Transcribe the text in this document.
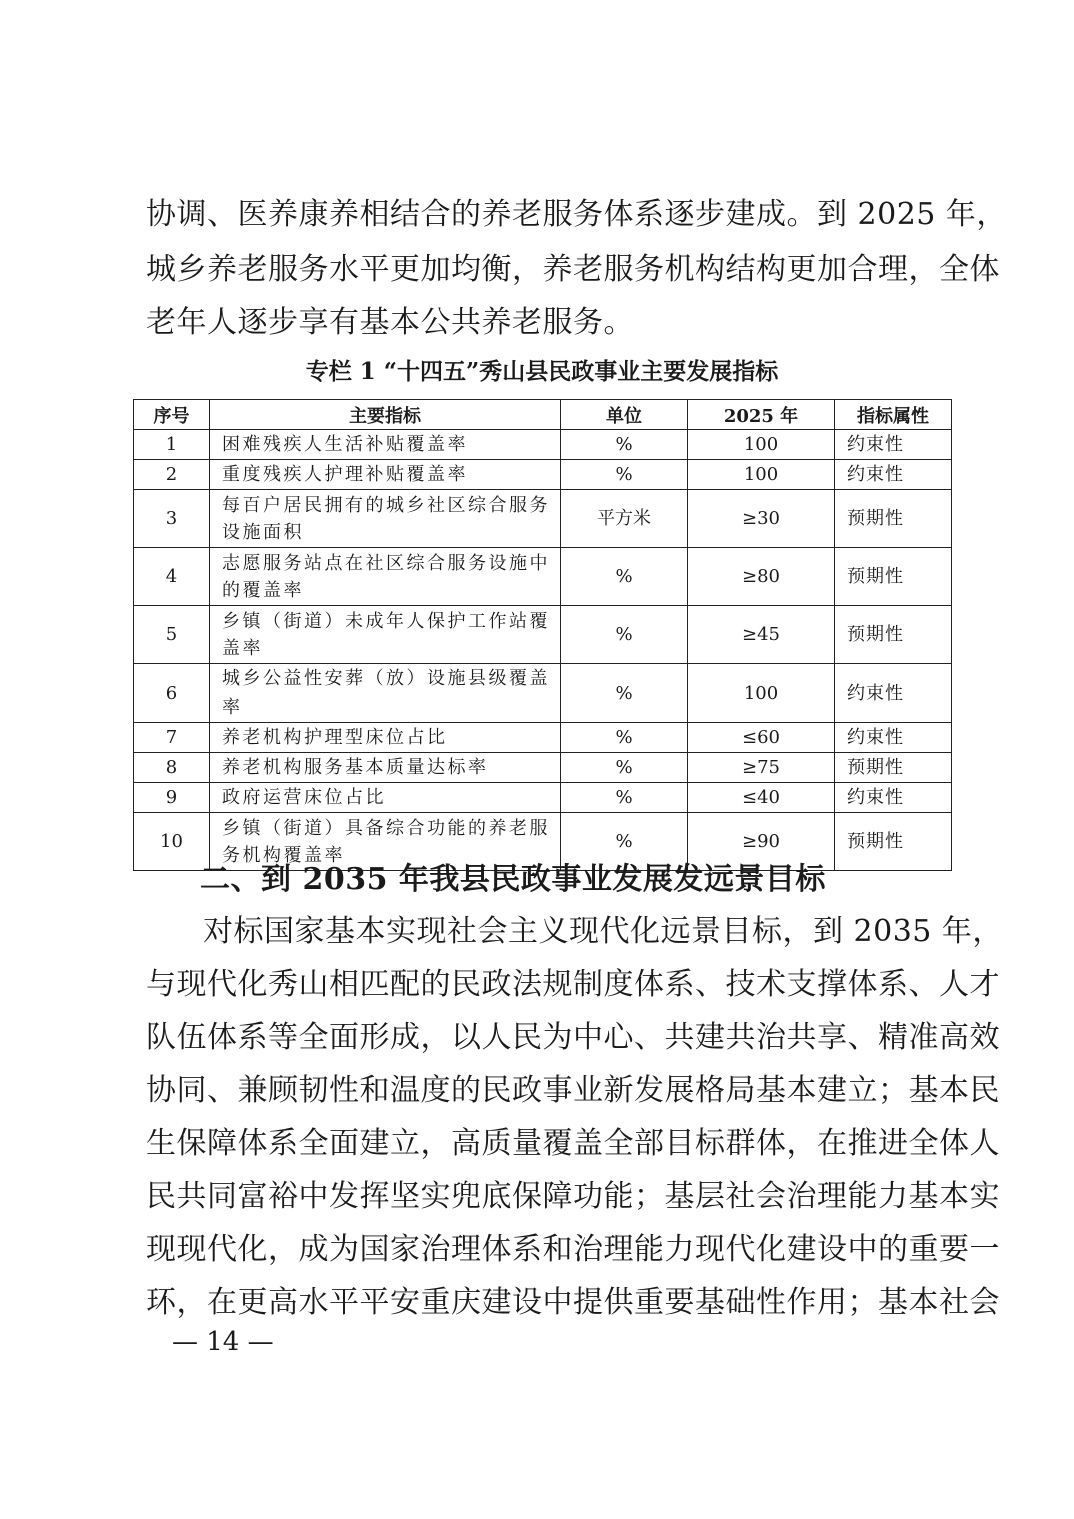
协调、医养康养相结合的养老服务体系逐步建成。到 2025 年，
城乡养老服务水平更加均衡，养老服务机构结构更加合理，全体
老年人逐步享有基本公共养老服务。
专栏 1 “十四五”秀山县民政事业主要发展指标
序号	主要指标	单位	2025 年	指标属性
1	困难残疾人生活补贴覆盖率	%	100	约束性
2	重度残疾人护理补贴覆盖率	%	100	约束性
3	每百户居民拥有的城乡社区综合服务设施面积	平方米	≥30	预期性
4	志愿服务站点在社区综合服务设施中的覆盖率	%	≥80	预期性
5	乡镇（街道）未成年人保护工作站覆盖率	%	≥45	预期性
6	城乡公益性安葬（放）设施县级覆盖率	%	100	约束性
7	养老机构护理型床位占比	%	≤60	约束性
8	养老机构服务基本质量达标率	%	≥75	预期性
9	政府运营床位占比	%	≤40	约束性
10	乡镇（街道）具备综合功能的养老服务机构覆盖率	%	≥90	预期性
二、到 2035 年我县民政事业发展发远景目标
对标国家基本实现社会主义现代化远景目标，到 2035 年，
与现代化秀山相匹配的民政法规制度体系、技术支撑体系、人才
队伍体系等全面形成，以人民为中心、共建共治共享、精准高效
协同、兼顾韧性和温度的民政事业新发展格局基本建立；基本民
生保障体系全面建立，高质量覆盖全部目标群体，在推进全体人
民共同富裕中发挥坚实兜底保障功能；基层社会治理能力基本实
现现代化，成为国家治理体系和治理能力现代化建设中的重要一
环，在更高水平平安重庆建设中提供重要基础性作用；基本社会
— 14 —
